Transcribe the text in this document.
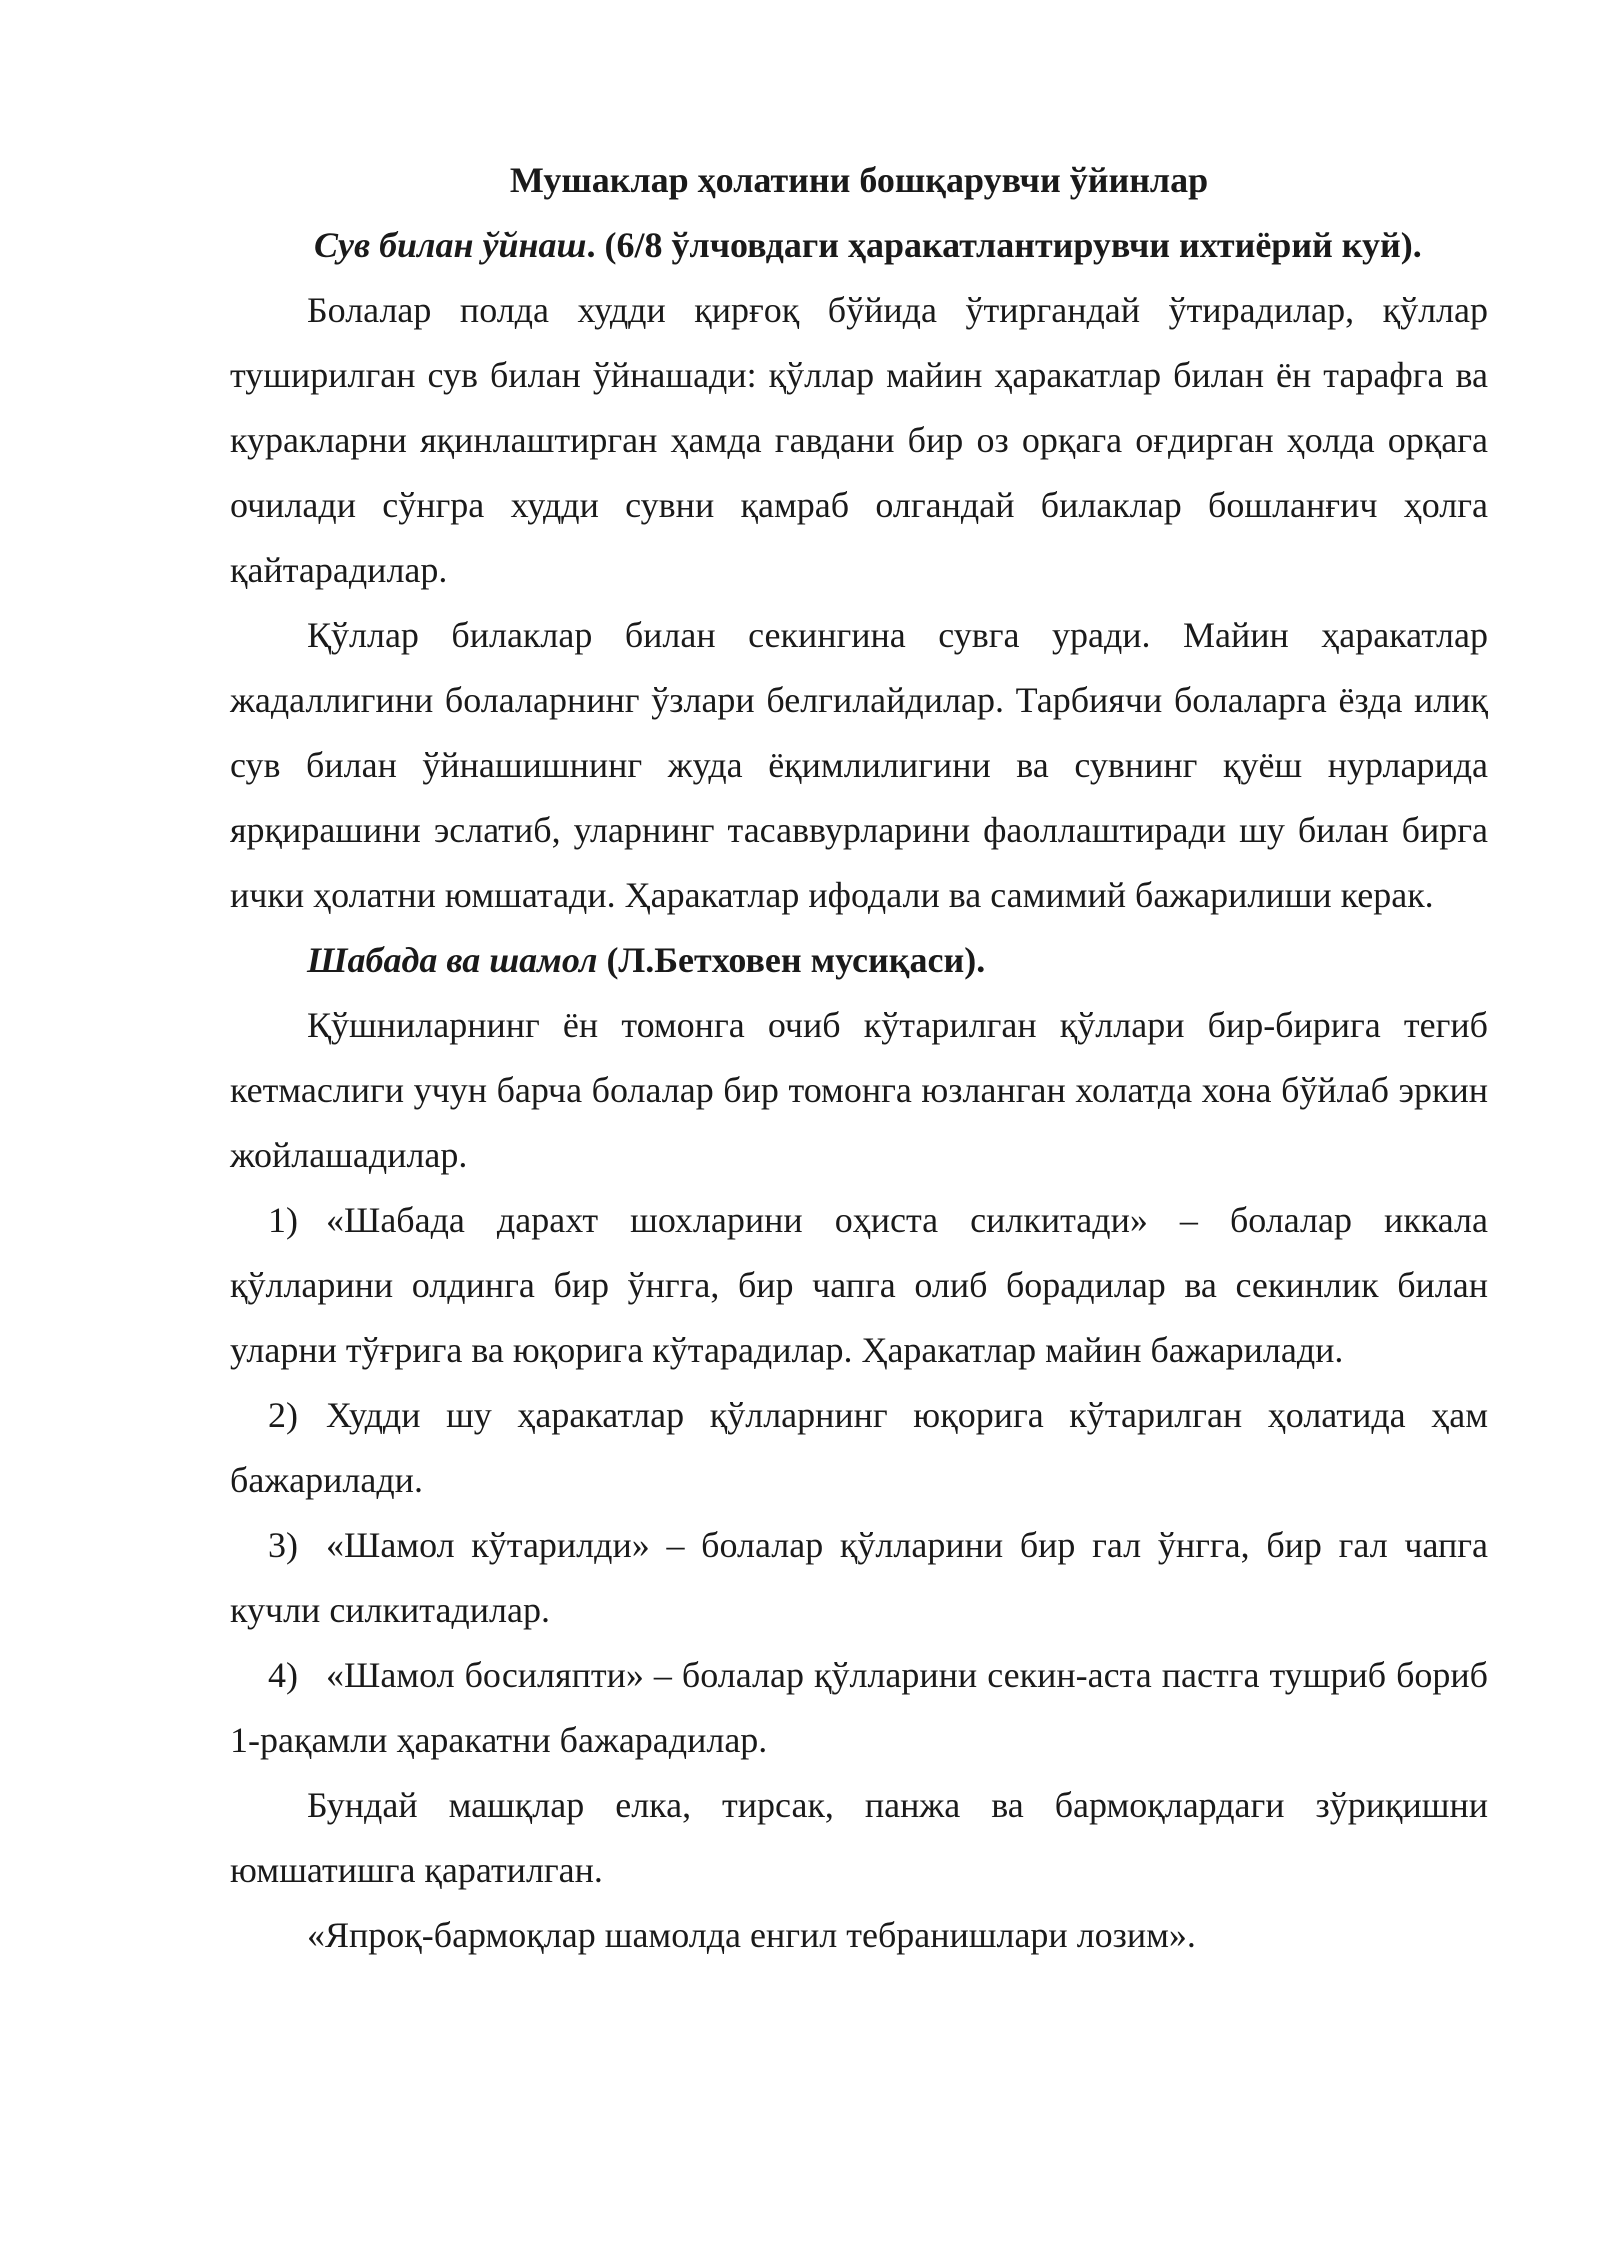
Мушаклар ҳолатини бошқарувчи ўйинлар

Сув билан ўйнаш. (6/8 ўлчовдаги ҳаракатлантирувчи ихтиёрий куй).

Болалар полда худди қирғоқ бўйида ўтиргандай ўтирадилар, қўллар туширилган сув билан ўйнашади: қўллар майин ҳаракатлар билан ён тарафга ва куракларни яқинлаштирган ҳамда гавдани бир оз орқага оғдирган ҳолда орқага очилади сўнгра худди сувни қамраб олгандай билаклар бошланғич ҳолга қайтарадилар.

Қўллар билаклар билан секингина сувга уради. Майин ҳаракатлар жадаллигини болаларнинг ўзлари белгилайдилар. Тарбиячи болаларга ёзда илиқ сув билан ўйнашишнинг жуда ёқимлилигини ва сувнинг қуёш нурларида ярқирашини эслатиб, уларнинг тасаввурларини фаоллаштиради шу билан бирга ички ҳолатни юмшатади. Ҳаракатлар ифодали ва самимий бажарилиши керак.

Шабада ва шамол (Л.Бетховен мусиқаси).

Қўшниларнинг ён томонга очиб кўтарилган қўллари бир-бирига тегиб кетмаслиги учун барча болалар бир томонга юзланган холатда хона бўйлаб эркин жойлашадилар.

1) «Шабада дарахт шохларини оҳиста силкитади» – болалар иккала қўлларини олдинга бир ўнгга, бир чапга олиб борадилар ва секинлик билан уларни тўғрига ва юқорига кўтарадилар. Ҳаракатлар майин бажарилади.

2) Худди шу ҳаракатлар қўлларнинг юқорига кўтарилган ҳолатида ҳам бажарилади.

3) «Шамол кўтарилди» – болалар қўлларини бир гал ўнгга, бир гал чапга кучли силкитадилар.

4) «Шамол босиляпти» – болалар қўлларини секин-аста пастга тушриб бориб 1-рақамли ҳаракатни бажарадилар.

Бундай машқлар елка, тирсак, панжа ва бармоқлардаги зўриқишни юмшатишга қаратилган.

«Япроқ-бармоқлар шамолда енгил тебранишлари лозим».
